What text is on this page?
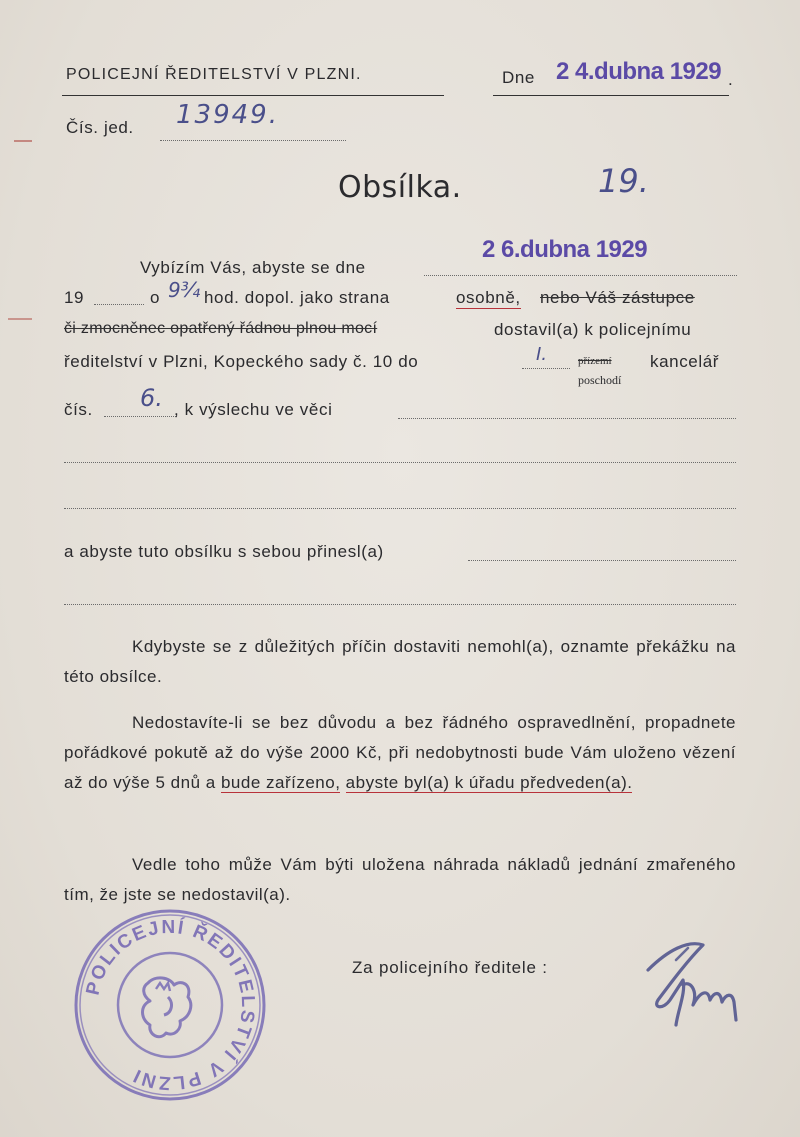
POLICEJNÍ ŘEDITELSTVÍ V PLZNI.	Dne 2 4.dubna 1929 .
Čís. jed. 13949.
Obsílka.	19.
Vybízím Vás, abyste se dne
2 6.dubna 1929
19	o 9¾ hod. dopol. jako strana	osobně, nebo Váš zástupce
či zmocněnec opatřený řádnou plnou mocí	dostavil(a) k policejnímu
ředitelství v Plzni, Kopeckého sady č. 10 do	I.	přízemí
poschodí
kancelář
čís. 6. , k výslechu ve věci
a abyste tuto obsílku s sebou přinesl(a)

Kdybyste se z důležitých příčin dostaviti nemohl(a), oznamte překážku na této obsílce.

Nedostavíte-li se bez důvodu a bez řádného ospravedlnění, propadnete pořádkové pokutě až do výše 2000 Kč, při nedobytnosti bude Vám uloženo vězení až do výše 5 dnů a bude zařízeno, abyste byl(a) k úřadu předveden(a).

Vedle toho může Vám býti uložena náhrada nákladů jednání zmařeného tím, že jste se nedostavil(a).

Za policejního ředitele :
POLICEJNÍ ŘEDITELSTVÍ V PLZNI
